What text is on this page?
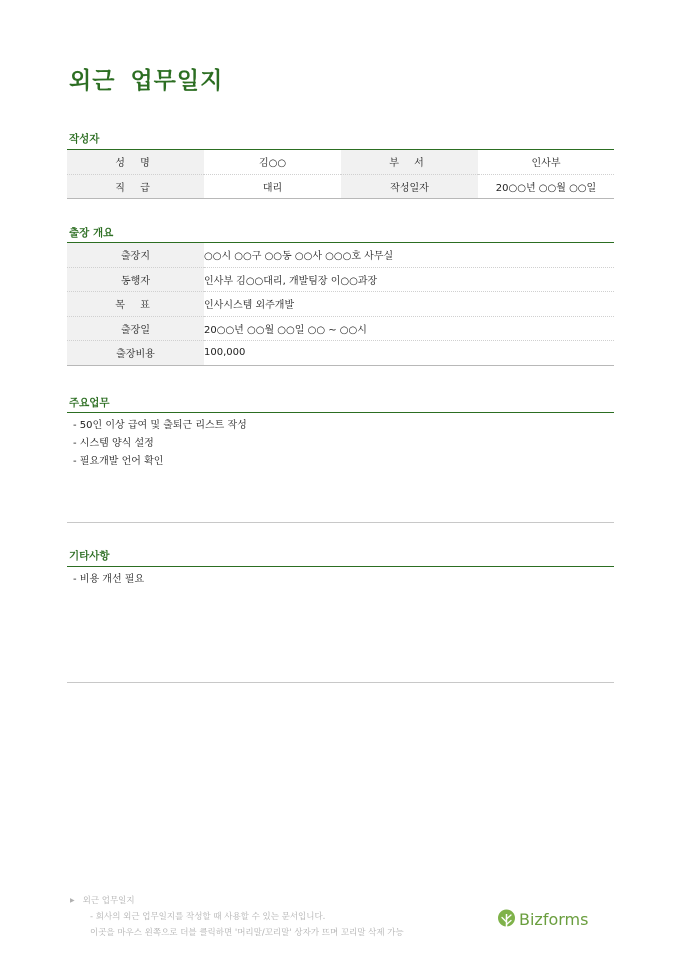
외근 업무일지
작성자
성 명	김○○	부 서	인사부
직 급	대리	작성일자	20○○년 ○○월 ○○일
출장 개요
출장지	○○시 ○○구 ○○동 ○○사 ○○○호 사무실
동행자	인사부 김○○대리, 개발팀장 이○○과장
목 표	인사시스템 외주개발
출장일	20○○년 ○○월 ○○일 ○○ ~ ○○시
출장비용	100,000
주요업무
- 50인 이상 급여 및 출퇴근 리스트 작성
- 시스템 양식 설정
- 필요개발 언어 확인
기타사항
- 비용 개선 필요
▶ 외근 업무일지
- 회사의 외근 업무일지를 작성할 때 사용할 수 있는 문서입니다.
이곳을 마우스 왼쪽으로 더블 클릭하면 '머리말/꼬리말' 상자가 뜨며 꼬리말 삭제 가능
Bizforms
